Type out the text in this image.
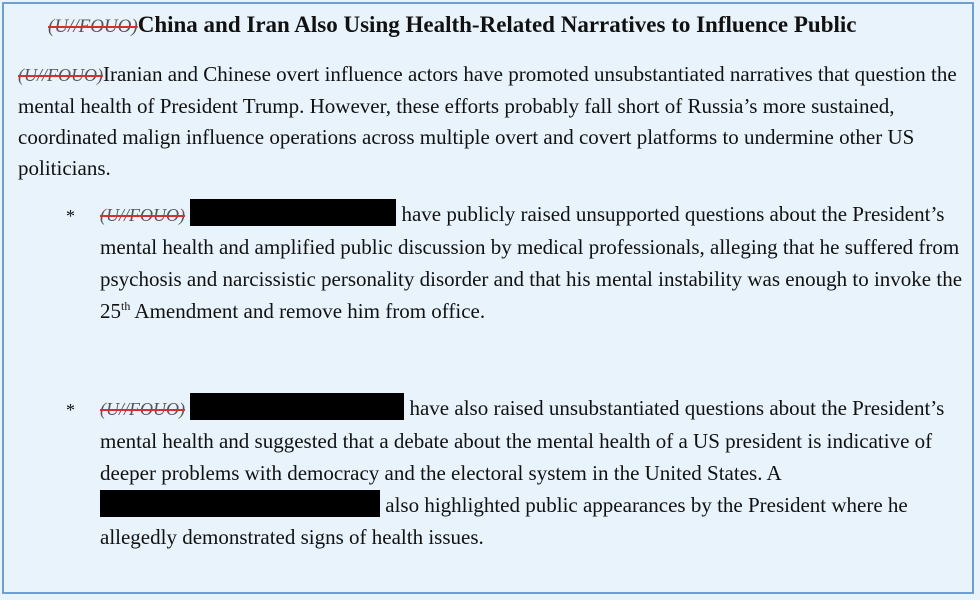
(U//FOUO)China and Iran Also Using Health-Related Narratives to Influence Public
(U//FOUO)Iranian and Chinese overt influence actors have promoted unsubstantiated narratives that question the mental health of President Trump. However, these efforts probably fall short of Russia’s more sustained, coordinated malign influence operations across multiple overt and covert platforms to undermine other US politicians.
* (U//FOUO)	have publicly raised unsupported questions about the President’s mental health and amplified public discussion by medical professionals, alleging that he suffered from psychosis and narcissistic personality disorder and that his mental instability was enough to invoke the 25th Amendment and remove him from office.
* (U//FOUO)	have also raised unsubstantiated questions about the President’s mental health and suggested that a debate about the mental health of a US president is indicative of deeper problems with democracy and the electoral system in the United States. A  also highlighted public appearances by the President where he allegedly demonstrated signs of health issues.
